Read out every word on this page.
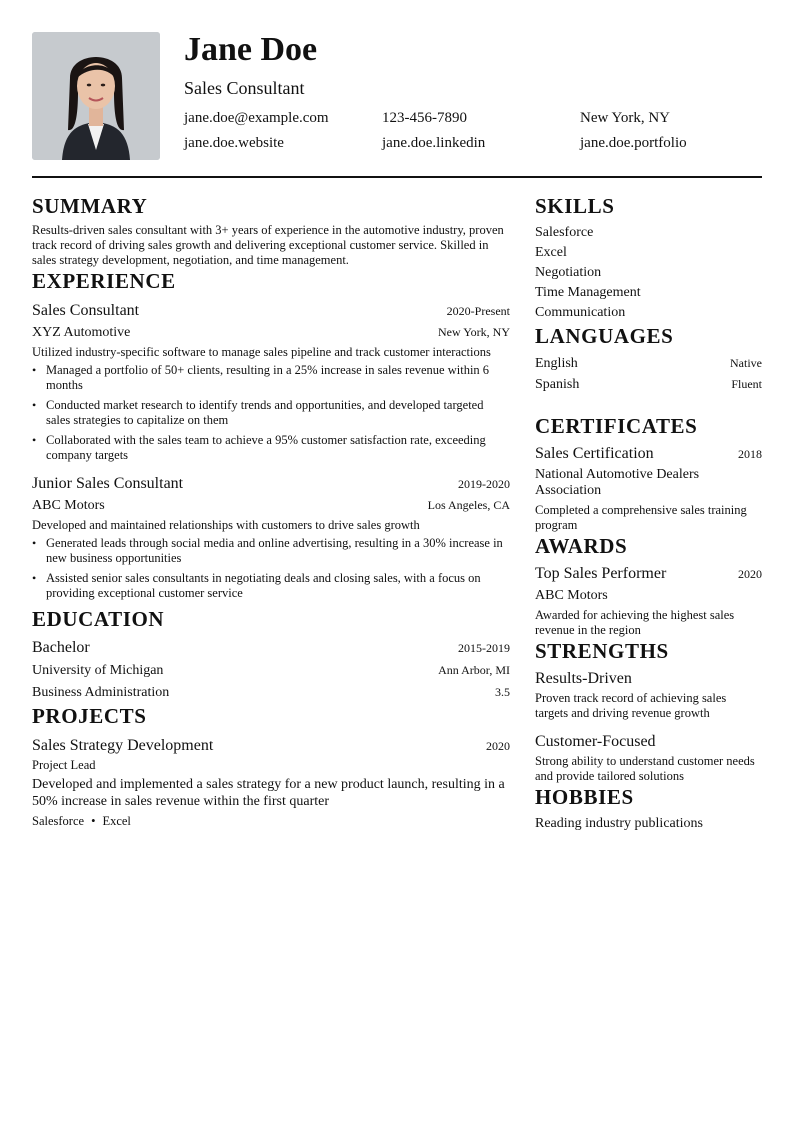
Jane Doe
Sales Consultant
jane.doe@example.com	123-456-7890	New York, NY
jane.doe.website	jane.doe.linkedin	jane.doe.portfolio
SUMMARY
Results-driven sales consultant with 3+ years of experience in the automotive industry, proven track record of driving sales growth and delivering exceptional customer service. Skilled in sales strategy development, negotiation, and time management.
EXPERIENCE
Sales Consultant	2020-Present
XYZ Automotive	New York, NY
Utilized industry-specific software to manage sales pipeline and track customer interactions
• Managed a portfolio of 50+ clients, resulting in a 25% increase in sales revenue within 6 months
• Conducted market research to identify trends and opportunities, and developed targeted sales strategies to capitalize on them
• Collaborated with the sales team to achieve a 95% customer satisfaction rate, exceeding company targets
Junior Sales Consultant	2019-2020
ABC Motors	Los Angeles, CA
Developed and maintained relationships with customers to drive sales growth
• Generated leads through social media and online advertising, resulting in a 30% increase in new business opportunities
• Assisted senior sales consultants in negotiating deals and closing sales, with a focus on providing exceptional customer service
EDUCATION
Bachelor	2015-2019
University of Michigan	Ann Arbor, MI
Business Administration	3.5
PROJECTS
Sales Strategy Development	2020
Project Lead
Developed and implemented a sales strategy for a new product launch, resulting in a 50% increase in sales revenue within the first quarter
Salesforce • Excel
SKILLS
Salesforce
Excel
Negotiation
Time Management
Communication
LANGUAGES
English	Native
Spanish	Fluent
CERTIFICATES
Sales Certification	2018
National Automotive Dealers Association
Completed a comprehensive sales training program
AWARDS
Top Sales Performer	2020
ABC Motors
Awarded for achieving the highest sales revenue in the region
STRENGTHS
Results-Driven
Proven track record of achieving sales targets and driving revenue growth
Customer-Focused
Strong ability to understand customer needs and provide tailored solutions
HOBBIES
Reading industry publications
